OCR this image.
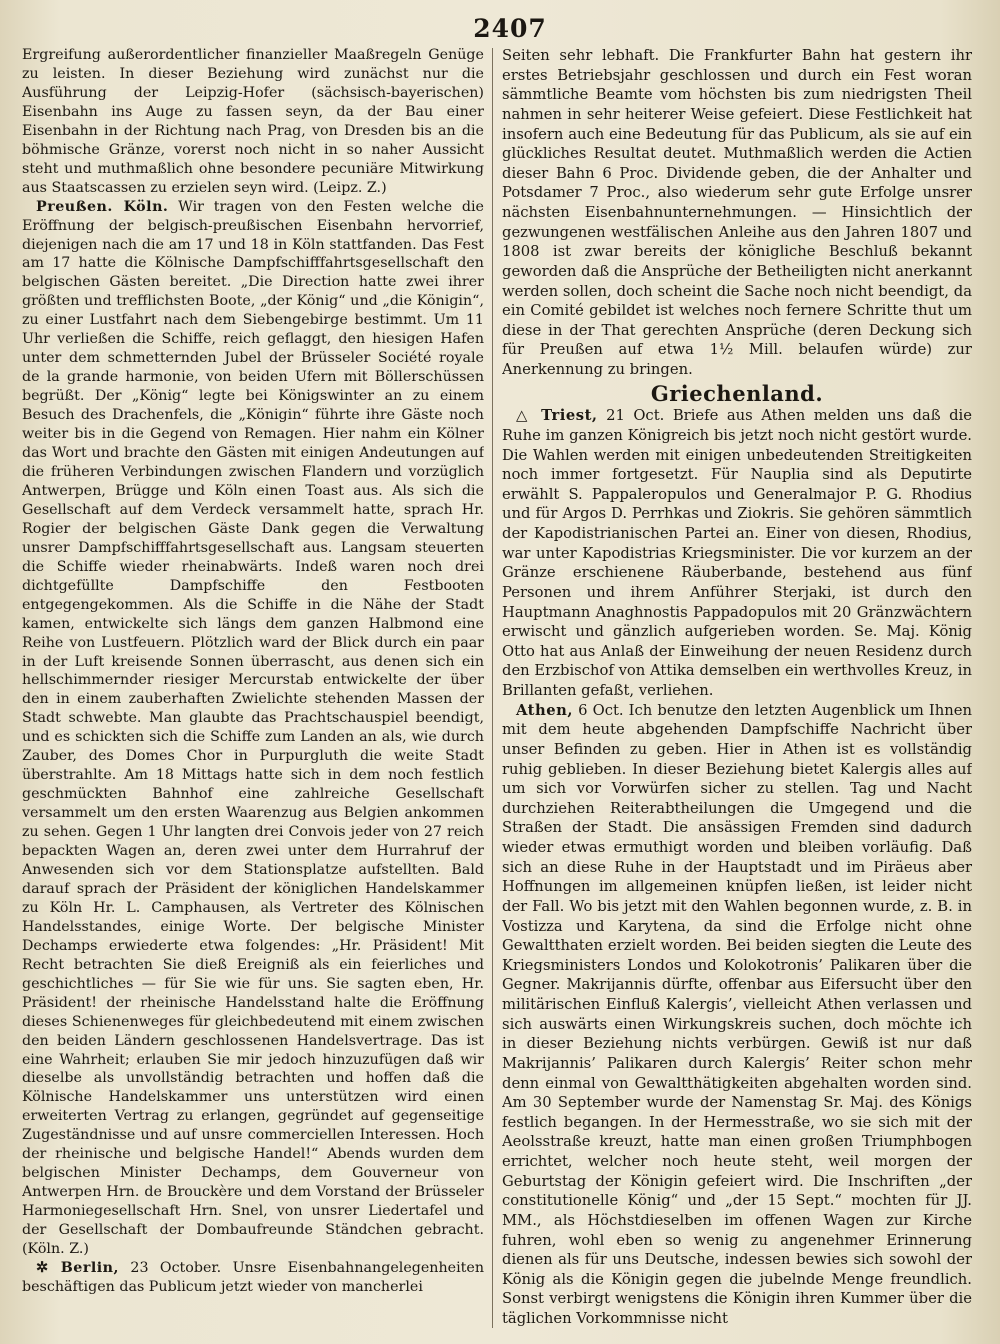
2407

Ergreifung außerordentlicher finanzieller Maaßregeln Genüge zu leisten. In dieser Beziehung wird zunächst nur die Ausführung der Leipzig-Hofer (sächsisch-bayerischen) Eisenbahn ins Auge zu fassen seyn, da der Bau einer Eisenbahn in der Richtung nach Prag, von Dresden bis an die böhmische Gränze, vorerst noch nicht in so naher Aussicht steht und muthmaßlich ohne besondere pecuniäre Mitwirkung aus Staatscassen zu erzielen seyn wird. (Leipz. Z.)

Preußen. Köln. Wir tragen von den Festen welche die Eröffnung der belgisch-preußischen Eisenbahn hervorrief, diejenigen nach die am 17 und 18 in Köln stattfanden. Das Fest am 17 hatte die Kölnische Dampfschifffahrtsgesellschaft den belgischen Gästen bereitet. „Die Direction hatte zwei ihrer größten und trefflichsten Boote, „der König“ und „die Königin“, zu einer Lustfahrt nach dem Siebengebirge bestimmt. Um 11 Uhr verließen die Schiffe, reich geflaggt, den hiesigen Hafen unter dem schmetternden Jubel der Brüsseler Société royale de la grande harmonie, von beiden Ufern mit Böllerschüssen begrüßt. Der „König“ legte bei Königswinter an zu einem Besuch des Drachenfels, die „Königin“ führte ihre Gäste noch weiter bis in die Gegend von Remagen. Hier nahm ein Kölner das Wort und brachte den Gästen mit einigen Andeutungen auf die früheren Verbindungen zwischen Flandern und vorzüglich Antwerpen, Brügge und Köln einen Toast aus. Als sich die Gesellschaft auf dem Verdeck versammelt hatte, sprach Hr. Rogier der belgischen Gäste Dank gegen die Verwaltung unsrer Dampfschifffahrtsgesellschaft aus. Langsam steuerten die Schiffe wieder rheinabwärts. Indeß waren noch drei dichtgefüllte Dampfschiffe den Festbooten entgegengekommen. Als die Schiffe in die Nähe der Stadt kamen, entwickelte sich längs dem ganzen Halbmond eine Reihe von Lustfeuern. Plötzlich ward der Blick durch ein paar in der Luft kreisende Sonnen überrascht, aus denen sich ein hellschimmernder riesiger Mercurstab entwickelte der über den in einem zauberhaften Zwielichte stehenden Massen der Stadt schwebte. Man glaubte das Prachtschauspiel beendigt, und es schickten sich die Schiffe zum Landen an als, wie durch Zauber, des Domes Chor in Purpurgluth die weite Stadt überstrahlte. Am 18 Mittags hatte sich in dem noch festlich geschmückten Bahnhof eine zahlreiche Gesellschaft versammelt um den ersten Waarenzug aus Belgien ankommen zu sehen. Gegen 1 Uhr langten drei Convois jeder von 27 reich bepackten Wagen an, deren zwei unter dem Hurrahruf der Anwesenden sich vor dem Stationsplatze aufstellten. Bald darauf sprach der Präsident der königlichen Handelskammer zu Köln Hr. L. Camphausen, als Vertreter des Kölnischen Handelsstandes, einige Worte. Der belgische Minister Dechamps erwiederte etwa folgendes: „Hr. Präsident! Mit Recht betrachten Sie dieß Ereigniß als ein feierliches und geschichtliches — für Sie wie für uns. Sie sagten eben, Hr. Präsident! der rheinische Handelsstand halte die Eröffnung dieses Schienenweges für gleichbedeutend mit einem zwischen den beiden Ländern geschlossenen Handelsvertrage. Das ist eine Wahrheit; erlauben Sie mir jedoch hinzuzufügen daß wir dieselbe als unvollständig betrachten und hoffen daß die Kölnische Handelskammer uns unterstützen wird einen erweiterten Vertrag zu erlangen, gegründet auf gegenseitige Zugeständnisse und auf unsre commerciellen Interessen. Hoch der rheinische und belgische Handel!“ Abends wurden dem belgischen Minister Dechamps, dem Gouverneur von Antwerpen Hrn. de Brouckère und dem Vorstand der Brüsseler Harmoniegesellschaft Hrn. Snel, von unsrer Liedertafel und der Gesellschaft der Dombaufreunde Ständchen gebracht. (Köln. Z.)

✲ Berlin, 23 October. Unsre Eisenbahnangelegenheiten beschäftigen das Publicum jetzt wieder von mancherlei

Seiten sehr lebhaft. Die Frankfurter Bahn hat gestern ihr erstes Betriebsjahr geschlossen und durch ein Fest woran sämmtliche Beamte vom höchsten bis zum niedrigsten Theil nahmen in sehr heiterer Weise gefeiert. Diese Festlichkeit hat insofern auch eine Bedeutung für das Publicum, als sie auf ein glückliches Resultat deutet. Muthmaßlich werden die Actien dieser Bahn 6 Proc. Dividende geben, die der Anhalter und Potsdamer 7 Proc., also wiederum sehr gute Erfolge unsrer nächsten Eisenbahnunternehmungen. — Hinsichtlich der gezwungenen westfälischen Anleihe aus den Jahren 1807 und 1808 ist zwar bereits der königliche Beschluß bekannt geworden daß die Ansprüche der Betheiligten nicht anerkannt werden sollen, doch scheint die Sache noch nicht beendigt, da ein Comité gebildet ist welches noch fernere Schritte thut um diese in der That gerechten Ansprüche (deren Deckung sich für Preußen auf etwa 1½ Mill. belaufen würde) zur Anerkennung zu bringen.

Griechenland.

△ Triest, 21 Oct. Briefe aus Athen melden uns daß die Ruhe im ganzen Königreich bis jetzt noch nicht gestört wurde. Die Wahlen werden mit einigen unbedeutenden Streitigkeiten noch immer fortgesetzt. Für Nauplia sind als Deputirte erwählt S. Pappaleropulos und Generalmajor P. G. Rhodius und für Argos D. Perrhkas und Ziokris. Sie gehören sämmtlich der Kapodistrianischen Partei an. Einer von diesen, Rhodius, war unter Kapodistrias Kriegsminister. Die vor kurzem an der Gränze erschienene Räuberbande, bestehend aus fünf Personen und ihrem Anführer Sterjaki, ist durch den Hauptmann Anaghnostis Pappadopulos mit 20 Gränzwächtern erwischt und gänzlich aufgerieben worden. Se. Maj. König Otto hat aus Anlaß der Einweihung der neuen Residenz durch den Erzbischof von Attika demselben ein werthvolles Kreuz, in Brillanten gefaßt, verliehen.

Athen, 6 Oct. Ich benutze den letzten Augenblick um Ihnen mit dem heute abgehenden Dampfschiffe Nachricht über unser Befinden zu geben. Hier in Athen ist es vollständig ruhig geblieben. In dieser Beziehung bietet Kalergis alles auf um sich vor Vorwürfen sicher zu stellen. Tag und Nacht durchziehen Reiterabtheilungen die Umgegend und die Straßen der Stadt. Die ansässigen Fremden sind dadurch wieder etwas ermuthigt worden und bleiben vorläufig. Daß sich an diese Ruhe in der Hauptstadt und im Piräeus aber Hoffnungen im allgemeinen knüpfen ließen, ist leider nicht der Fall. Wo bis jetzt mit den Wahlen begonnen wurde, z. B. in Vostizza und Karytena, da sind die Erfolge nicht ohne Gewaltthaten erzielt worden. Bei beiden siegten die Leute des Kriegsministers Londos und Kolokotronis’ Palikaren über die Gegner. Makrijannis dürfte, offenbar aus Eifersucht über den militärischen Einfluß Kalergis’, vielleicht Athen verlassen und sich auswärts einen Wirkungskreis suchen, doch möchte ich in dieser Beziehung nichts verbürgen. Gewiß ist nur daß Makrijannis’ Palikaren durch Kalergis’ Reiter schon mehr denn einmal von Gewaltthätigkeiten abgehalten worden sind. Am 30 September wurde der Namenstag Sr. Maj. des Königs festlich begangen. In der Hermesstraße, wo sie sich mit der Aeolsstraße kreuzt, hatte man einen großen Triumphbogen errichtet, welcher noch heute steht, weil morgen der Geburtstag der Königin gefeiert wird. Die Inschriften „der constitutionelle König“ und „der 15 Sept.“ mochten für JJ. MM., als Höchstdieselben im offenen Wagen zur Kirche fuhren, wohl eben so wenig zu angenehmer Erinnerung dienen als für uns Deutsche, indessen bewies sich sowohl der König als die Königin gegen die jubelnde Menge freundlich. Sonst verbirgt wenigstens die Königin ihren Kummer über die täglichen Vorkommnisse nicht
